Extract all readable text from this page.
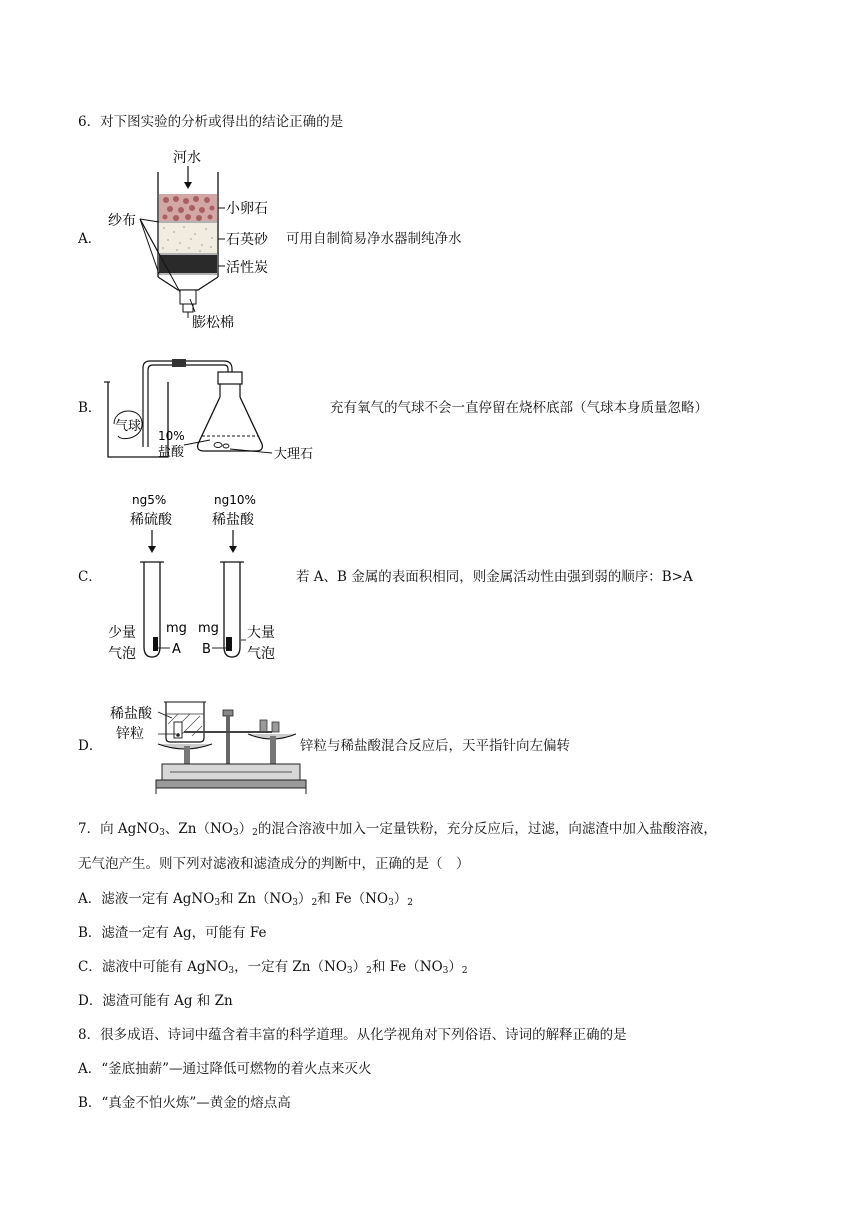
6．对下图实验的分析或得出的结论正确的是
A．
河水
纱布
小卵石
石英砂
活性炭
膨松棉
可用自制简易净水器制纯净水
B．
气球
10%
盐酸	大理石
充有氧气的气球不会一直停留在烧杯底部（气球本身质量忽略）
C．
ng5%
稀硫酸
ng10%
稀盐酸
少量
气泡
mg
A
mg
B
大量
气泡
若 A、B 金属的表面积相同，则金属活动性由强到弱的顺序：B>A
D．
稀盐酸
锌粒
锌粒与稀盐酸混合反应后，天平指针向左偏转
7．向 AgNO$_3$、$Zn(NO_3)_2$的混合溶液中加入一定量铁粉，充分反应后，过滤，向滤渣中加入盐酸溶液，
无气泡产生。则下列对滤液和滤渣成分的判断中，正确的是（　）
A．滤液一定有 AgNO$_3$和 $Zn(NO_3)_2$和 $Fe(NO_3)_2$
B．滤渣一定有 Ag，可能有 Fe
C．滤液中可能有 AgNO$_3$，一定有 $Zn(NO_3)_2$和 $Fe(NO_3)_2$
D．滤渣可能有 Ag 和 Zn
8．很多成语、诗词中蕴含着丰富的科学道理。从化学视角对下列俗语、诗词的解释正确的是
A．“釜底抽薪”—通过降低可燃物的着火点来灭火
B．“真金不怕火炼”—黄金的熔点高
